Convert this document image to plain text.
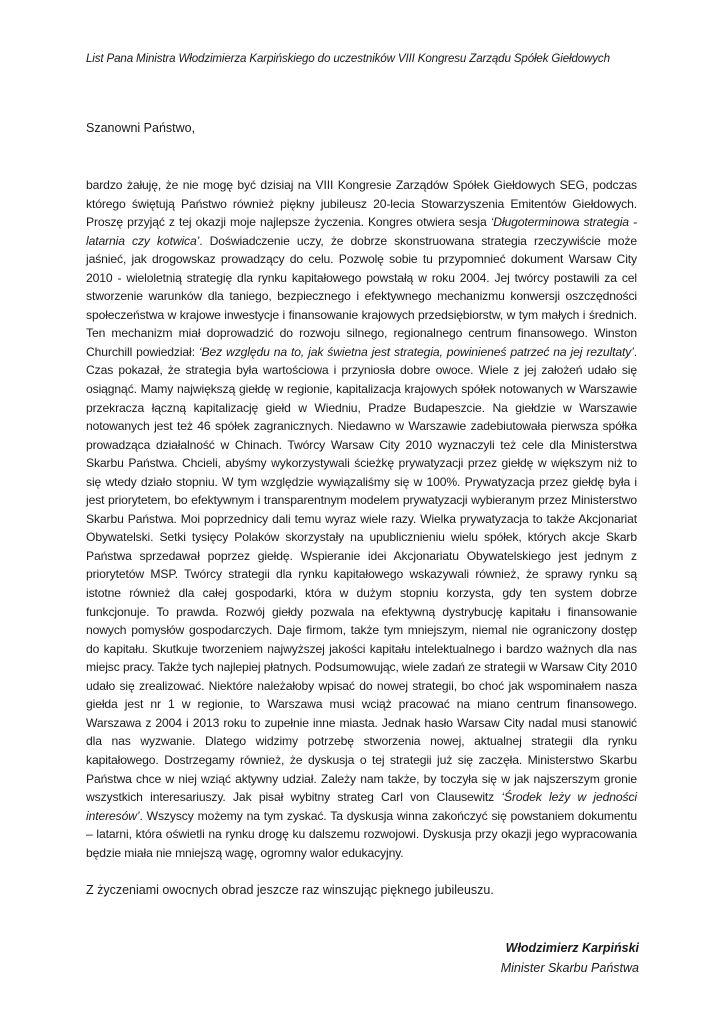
List Pana Ministra Włodzimierza Karpińskiego do uczestników VIII Kongresu Zarządu Spółek Giełdowych
Szanowni Państwo,

bardzo żałuję, że nie mogę być dzisiaj na VIII Kongresie Zarządów Spółek Giełdowych SEG, podczas którego świętują Państwo również piękny jubileusz 20-lecia Stowarzyszenia Emitentów Giełdowych. Proszę przyjąć z tej okazji moje najlepsze życzenia. Kongres otwiera sesja ‘Długoterminowa strategia - latarnia czy kotwica’. Doświadczenie uczy, że dobrze skonstruowana strategia rzeczywiście może jaśnieć, jak drogowskaz prowadzący do celu. Pozwolę sobie tu przypomnieć dokument Warsaw City 2010 - wieloletnią strategię dla rynku kapitałowego powstałą w roku 2004. Jej twórcy postawili za cel stworzenie warunków dla taniego, bezpiecznego i efektywnego mechanizmu konwersji oszczędności społeczeństwa w krajowe inwestycje i finansowanie krajowych przedsiębiorstw, w tym małych i średnich. Ten mechanizm miał doprowadzić do rozwoju silnego, regionalnego centrum finansowego. Winston Churchill powiedział: ‘Bez względu na to, jak świetna jest strategia, powinieneś patrzeć na jej rezultaty’. Czas pokazał, że strategia była wartościowa i przyniosła dobre owoce. Wiele z jej założeń udało się osiągnąć. Mamy największą giełdę w regionie, kapitalizacja krajowych spółek notowanych w Warszawie przekracza łączną kapitalizację giełd w Wiedniu, Pradze Budapeszcie. Na giełdzie w Warszawie notowanych jest też 46 spółek zagranicznych. Niedawno w Warszawie zadebiutowała pierwsza spółka prowadząca działalność w Chinach. Twórcy Warsaw City 2010 wyznaczyli też cele dla Ministerstwa Skarbu Państwa. Chcieli, abyśmy wykorzystywali ścieżkę prywatyzacji przez giełdę w większym niż to się wtedy działo stopniu. W tym względzie wywiązaliśmy się w 100%. Prywatyzacja przez giełdę była i jest priorytetem, bo efektywnym i transparentnym modelem prywatyzacji wybieranym przez Ministerstwo Skarbu Państwa. Moi poprzednicy dali temu wyraz wiele razy. Wielka prywatyzacja to także Akcjonariat Obywatelski. Setki tysięcy Polaków skorzystały na upublicznieniu wielu spółek, których akcje Skarb Państwa sprzedawał poprzez giełdę. Wspieranie idei Akcjonariatu Obywatelskiego jest jednym z priorytetów MSP. Twórcy strategii dla rynku kapitałowego wskazywali również, że sprawy rynku są istotne również dla całej gospodarki, która w dużym stopniu korzysta, gdy ten system dobrze funkcjonuje. To prawda. Rozwój giełdy pozwala na efektywną dystrybucję kapitału i finansowanie nowych pomysłów gospodarczych. Daje firmom, także tym mniejszym, niemal nie ograniczony dostęp do kapitału. Skutkuje tworzeniem najwyższej jakości kapitału intelektualnego i bardzo ważnych dla nas miejsc pracy. Także tych najlepiej płatnych. Podsumowując, wiele zadań ze strategii w Warsaw City 2010 udało się zrealizować. Niektóre należałoby wpisać do nowej strategii, bo choć jak wspominałem nasza giełda jest nr 1 w regionie, to Warszawa musi wciąż pracować na miano centrum finansowego. Warszawa z 2004 i 2013 roku to zupełnie inne miasta. Jednak hasło Warsaw City nadal musi stanowić dla nas wyzwanie. Dlatego widzimy potrzebę stworzenia nowej, aktualnej strategii dla rynku kapitałowego. Dostrzegamy również, że dyskusja o tej strategii już się zaczęła. Ministerstwo Skarbu Państwa chce w niej wziąć aktywny udział. Zależy nam także, by toczyła się w jak najszerszym gronie wszystkich interesariuszy. Jak pisał wybitny strateg Carl von Clausewitz ‘Środek leży w jedności interesów’. Wszyscy możemy na tym zyskać. Ta dyskusja winna zakończyć się powstaniem dokumentu – latarni, która oświetli na rynku drogę ku dalszemu rozwojowi. Dyskusja przy okazji jego wypracowania będzie miała nie mniejszą wagę, ogromny walor edukacyjny.

Z życzeniami owocnych obrad jeszcze raz winszując pięknego jubileuszu.
Włodzimierz Karpiński
Minister Skarbu Państwa
